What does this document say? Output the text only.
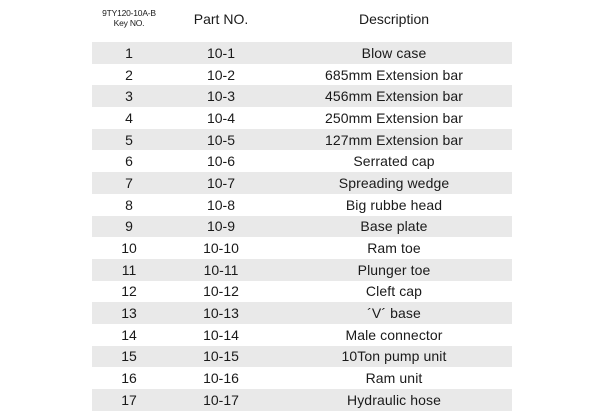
9TY120-10A-B
Key NO.	Part NO.	Description
1	10-1	Blow case
2	10-2	685mm Extension bar
3	10-3	456mm Extension bar
4	10-4	250mm Extension bar
5	10-5	127mm Extension bar
6	10-6	Serrated cap
7	10-7	Spreading wedge
8	10-8	Big rubbe head
9	10-9	Base plate
10	10-10	Ram toe
11	10-11	Plunger toe
12	10-12	Cleft cap
13	10-13	´V´ base
14	10-14	Male connector
15	10-15	10Ton pump unit
16	10-16	Ram unit
17	10-17	Hydraulic hose
